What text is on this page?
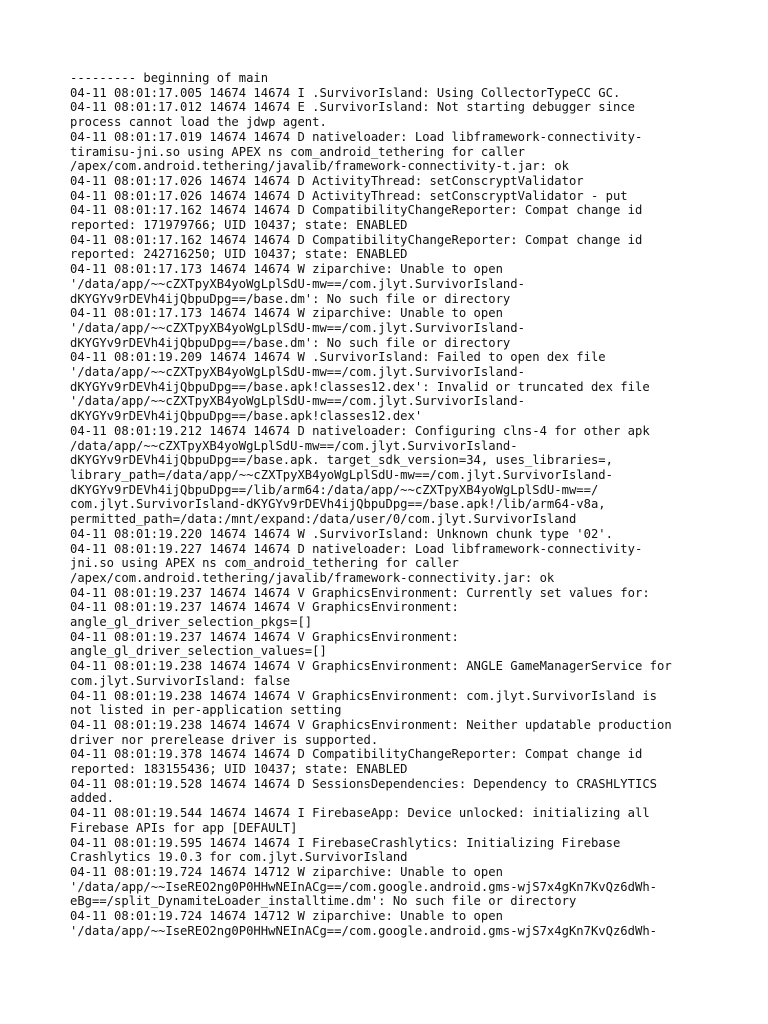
--------- beginning of main
04-11 08:01:17.005 14674 14674 I .SurvivorIsland: Using CollectorTypeCC GC.
04-11 08:01:17.012 14674 14674 E .SurvivorIsland: Not starting debugger since
process cannot load the jdwp agent.
04-11 08:01:17.019 14674 14674 D nativeloader: Load libframework-connectivity-
tiramisu-jni.so using APEX ns com_android_tethering for caller
/apex/com.android.tethering/javalib/framework-connectivity-t.jar: ok
04-11 08:01:17.026 14674 14674 D ActivityThread: setConscryptValidator
04-11 08:01:17.026 14674 14674 D ActivityThread: setConscryptValidator - put
04-11 08:01:17.162 14674 14674 D CompatibilityChangeReporter: Compat change id
reported: 171979766; UID 10437; state: ENABLED
04-11 08:01:17.162 14674 14674 D CompatibilityChangeReporter: Compat change id
reported: 242716250; UID 10437; state: ENABLED
04-11 08:01:17.173 14674 14674 W ziparchive: Unable to open
'/data/app/~~cZXTpyXB4yoWgLplSdU-mw==/com.jlyt.SurvivorIsland-
dKYGYv9rDEVh4ijQbpuDpg==/base.dm': No such file or directory
04-11 08:01:17.173 14674 14674 W ziparchive: Unable to open
'/data/app/~~cZXTpyXB4yoWgLplSdU-mw==/com.jlyt.SurvivorIsland-
dKYGYv9rDEVh4ijQbpuDpg==/base.dm': No such file or directory
04-11 08:01:19.209 14674 14674 W .SurvivorIsland: Failed to open dex file
'/data/app/~~cZXTpyXB4yoWgLplSdU-mw==/com.jlyt.SurvivorIsland-
dKYGYv9rDEVh4ijQbpuDpg==/base.apk!classes12.dex': Invalid or truncated dex file
'/data/app/~~cZXTpyXB4yoWgLplSdU-mw==/com.jlyt.SurvivorIsland-
dKYGYv9rDEVh4ijQbpuDpg==/base.apk!classes12.dex'
04-11 08:01:19.212 14674 14674 D nativeloader: Configuring clns-4 for other apk
/data/app/~~cZXTpyXB4yoWgLplSdU-mw==/com.jlyt.SurvivorIsland-
dKYGYv9rDEVh4ijQbpuDpg==/base.apk. target_sdk_version=34, uses_libraries=,
library_path=/data/app/~~cZXTpyXB4yoWgLplSdU-mw==/com.jlyt.SurvivorIsland-
dKYGYv9rDEVh4ijQbpuDpg==/lib/arm64:/data/app/~~cZXTpyXB4yoWgLplSdU-mw==/
com.jlyt.SurvivorIsland-dKYGYv9rDEVh4ijQbpuDpg==/base.apk!/lib/arm64-v8a,
permitted_path=/data:/mnt/expand:/data/user/0/com.jlyt.SurvivorIsland
04-11 08:01:19.220 14674 14674 W .SurvivorIsland: Unknown chunk type '02'.
04-11 08:01:19.227 14674 14674 D nativeloader: Load libframework-connectivity-
jni.so using APEX ns com_android_tethering for caller
/apex/com.android.tethering/javalib/framework-connectivity.jar: ok
04-11 08:01:19.237 14674 14674 V GraphicsEnvironment: Currently set values for:
04-11 08:01:19.237 14674 14674 V GraphicsEnvironment:
angle_gl_driver_selection_pkgs=[]
04-11 08:01:19.237 14674 14674 V GraphicsEnvironment:
angle_gl_driver_selection_values=[]
04-11 08:01:19.238 14674 14674 V GraphicsEnvironment: ANGLE GameManagerService for
com.jlyt.SurvivorIsland: false
04-11 08:01:19.238 14674 14674 V GraphicsEnvironment: com.jlyt.SurvivorIsland is
not listed in per-application setting
04-11 08:01:19.238 14674 14674 V GraphicsEnvironment: Neither updatable production
driver nor prerelease driver is supported.
04-11 08:01:19.378 14674 14674 D CompatibilityChangeReporter: Compat change id
reported: 183155436; UID 10437; state: ENABLED
04-11 08:01:19.528 14674 14674 D SessionsDependencies: Dependency to CRASHLYTICS
added.
04-11 08:01:19.544 14674 14674 I FirebaseApp: Device unlocked: initializing all
Firebase APIs for app [DEFAULT]
04-11 08:01:19.595 14674 14674 I FirebaseCrashlytics: Initializing Firebase
Crashlytics 19.0.3 for com.jlyt.SurvivorIsland
04-11 08:01:19.724 14674 14712 W ziparchive: Unable to open
'/data/app/~~IseREO2ng0P0HHwNEInACg==/com.google.android.gms-wjS7x4gKn7KvQz6dWh-
eBg==/split_DynamiteLoader_installtime.dm': No such file or directory
04-11 08:01:19.724 14674 14712 W ziparchive: Unable to open
'/data/app/~~IseREO2ng0P0HHwNEInACg==/com.google.android.gms-wjS7x4gKn7KvQz6dWh-
